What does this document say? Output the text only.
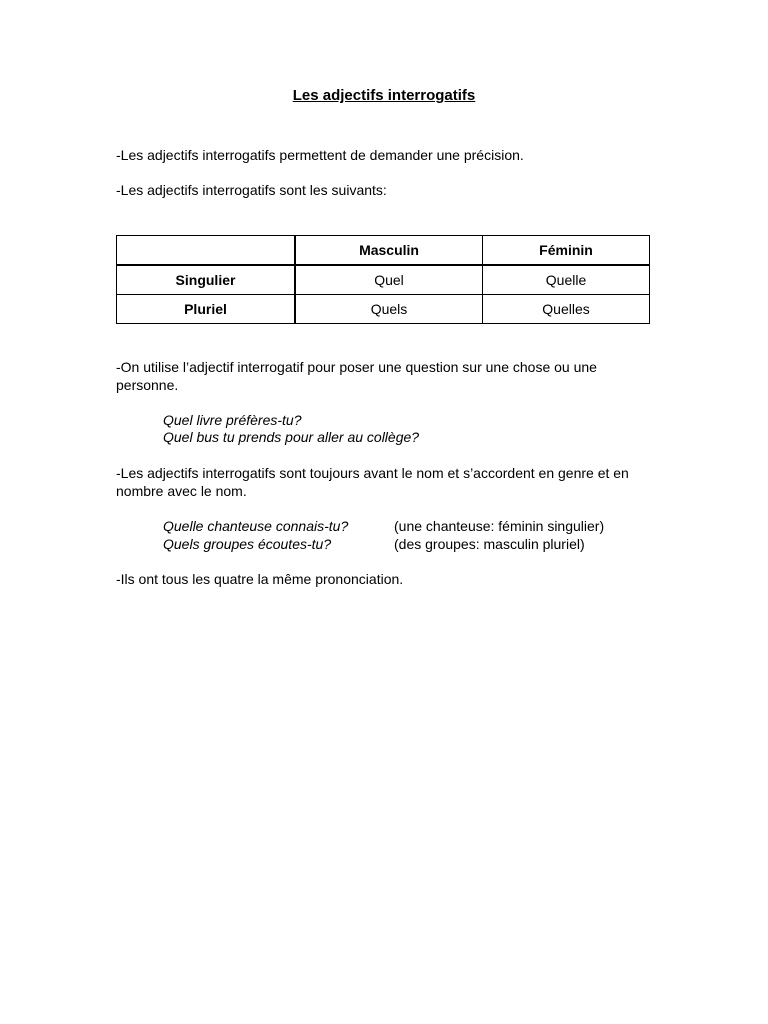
Les adjectifs interrogatifs

-Les adjectifs interrogatifs permettent de demander une précision.

-Les adjectifs interrogatifs sont les suivants:

	Masculin	Féminin
Singulier	Quel	Quelle
Pluriel	Quels	Quelles

-On utilise l’adjectif interrogatif pour poser une question sur une chose ou une personne.

Quel livre préfères-tu?

Quel bus tu prends pour aller au collège?

-Les adjectifs interrogatifs sont toujours avant le nom et s’accordent en genre et en nombre avec le nom.

Quelle chanteuse connais-tu?	(une chanteuse: féminin singulier)
Quels groupes écoutes-tu?	(des groupes: masculin pluriel)

-Ils ont tous les quatre la même prononciation.
